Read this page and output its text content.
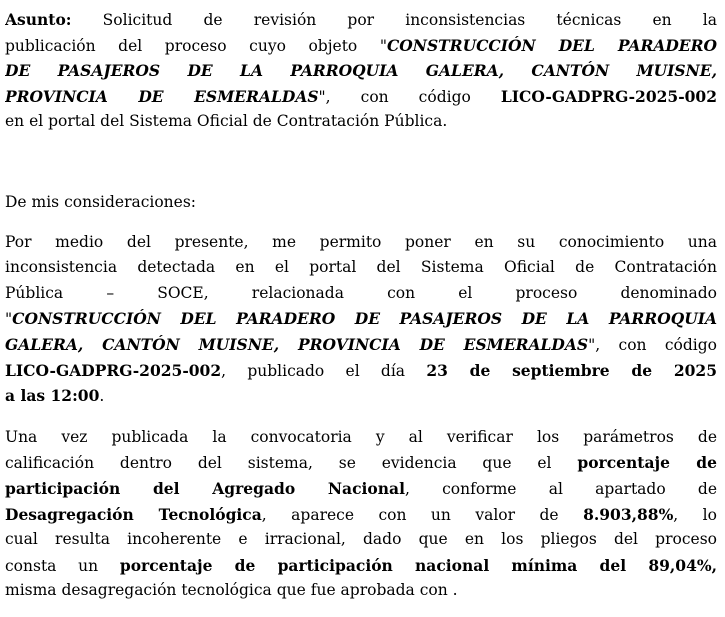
Asunto: Solicitud de revisión por inconsistencias técnicas en la
publicación del proceso cuyo objeto "CONSTRUCCIÓN DEL PARADERO
DE PASAJEROS DE LA PARROQUIA GALERA, CANTÓN MUISNE,
PROVINCIA DE ESMERALDAS", con código LICO-GADPRG-2025-002
en el portal del Sistema Oficial de Contratación Pública.
De mis consideraciones:
Por medio del presente, me permito poner en su conocimiento una
inconsistencia detectada en el portal del Sistema Oficial de Contratación
Pública – SOCE, relacionada con el proceso denominado
"CONSTRUCCIÓN DEL PARADERO DE PASAJEROS DE LA PARROQUIA
GALERA, CANTÓN MUISNE, PROVINCIA DE ESMERALDAS", con código
LICO-GADPRG-2025-002, publicado el día 23 de septiembre de 2025
a las 12:00.
Una vez publicada la convocatoria y al verificar los parámetros de
calificación dentro del sistema, se evidencia que el porcentaje de
participación del Agregado Nacional, conforme al apartado de
Desagregación Tecnológica, aparece con un valor de 8.903,88%, lo
cual resulta incoherente e irracional, dado que en los pliegos del proceso
consta un porcentaje de participación nacional mínima del 89,04%,
misma desagregación tecnológica que fue aprobada con .
